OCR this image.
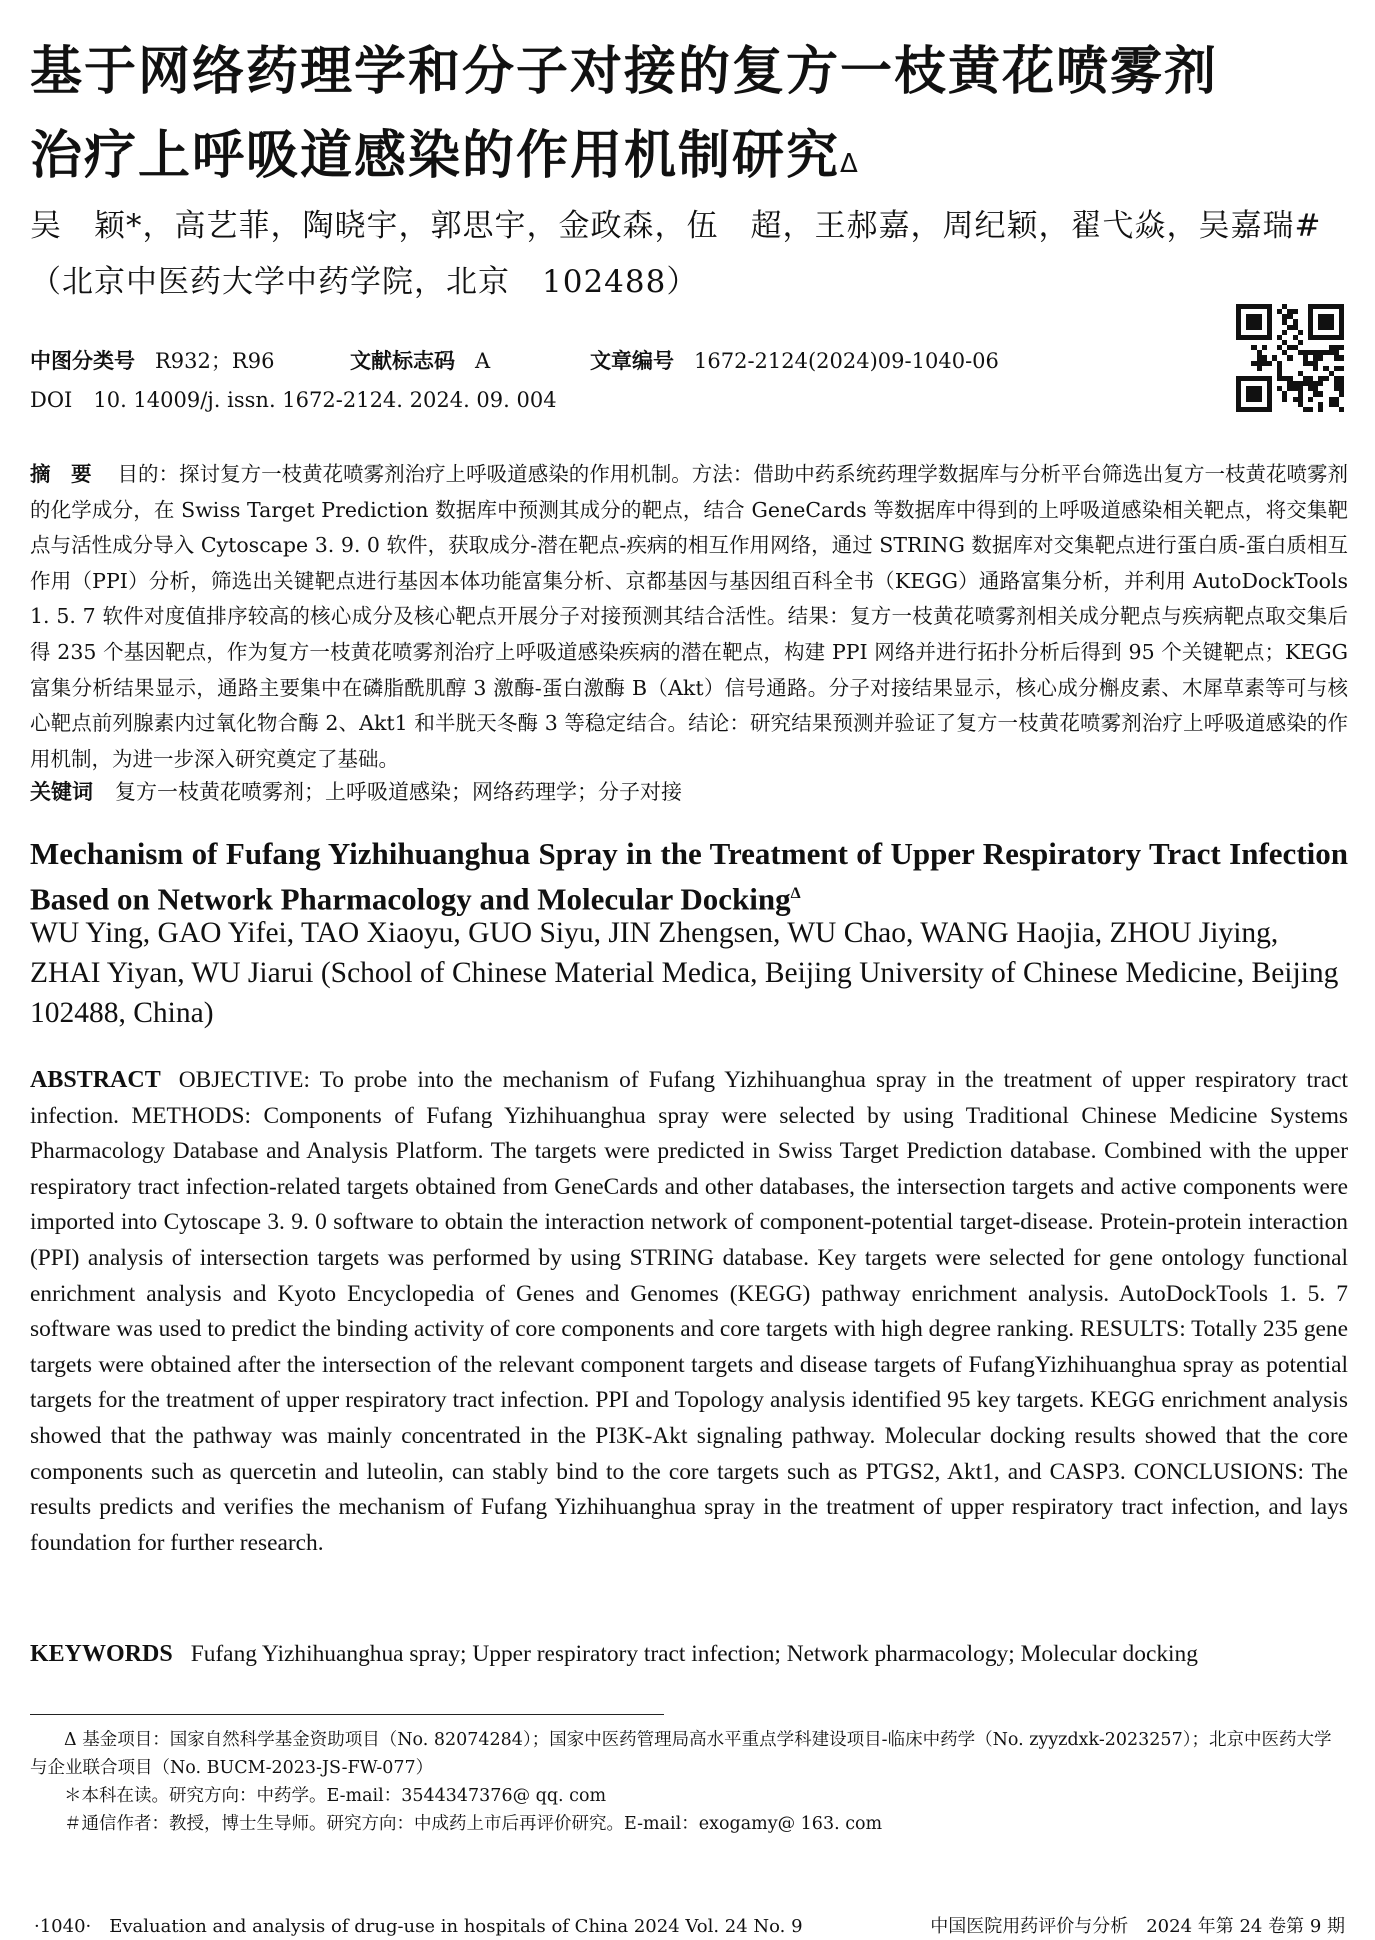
基于网络药理学和分子对接的复方一枝黄花喷雾剂
治疗上呼吸道感染的作用机制研究$^\Delta$
吴　颖*，高艺菲，陶晓宇，郭思宇，金政森，伍　超，王郝嘉，周纪颖，翟弋焱，吴嘉瑞#（北京中医药大学中药学院，北京　102488）
中图分类号 R932；R96	文献标志码 A	文章编号 1672-2124(2024)09-1040-06
DOI　10. 14009/j. issn. 1672-2124. 2024. 09. 004
摘　要 目的：探讨复方一枝黄花喷雾剂治疗上呼吸道感染的作用机制。方法：借助中药系统药理学数据库与分析平台筛选出复方一枝黄花喷雾剂的化学成分，在 Swiss Target Prediction 数据库中预测其成分的靶点，结合 GeneCards 等数据库中得到的上呼吸道感染相关靶点，将交集靶点与活性成分导入 Cytoscape 3. 9. 0 软件，获取成分-潜在靶点-疾病的相互作用网络，通过 STRING 数据库对交集靶点进行蛋白质-蛋白质相互作用（PPI）分析，筛选出关键靶点进行基因本体功能富集分析、京都基因与基因组百科全书（KEGG）通路富集分析，并利用 AutoDockTools 1. 5. 7 软件对度值排序较高的核心成分及核心靶点开展分子对接预测其结合活性。结果：复方一枝黄花喷雾剂相关成分靶点与疾病靶点取交集后得 235 个基因靶点，作为复方一枝黄花喷雾剂治疗上呼吸道感染疾病的潜在靶点，构建 PPI 网络并进行拓扑分析后得到 95 个关键靶点；KEGG 富集分析结果显示，通路主要集中在磷脂酰肌醇 3 激酶-蛋白激酶 B（Akt）信号通路。分子对接结果显示，核心成分槲皮素、木犀草素等可与核心靶点前列腺素内过氧化物合酶 2、Akt1 和半胱天冬酶 3 等稳定结合。结论：研究结果预测并验证了复方一枝黄花喷雾剂治疗上呼吸道感染的作用机制，为进一步深入研究奠定了基础。
关键词 复方一枝黄花喷雾剂；上呼吸道感染；网络药理学；分子对接
Mechanism of Fufang Yizhihuanghua Spray in the Treatment of Upper Respiratory Tract Infection Based on Network Pharmacology and Molecular Docking$^\Delta$
WU Ying, GAO Yifei, TAO Xiaoyu, GUO Siyu, JIN Zhengsen, WU Chao, WANG Haojia, ZHOU Jiying, ZHAI Yiyan, WU Jiarui (School of Chinese Material Medica, Beijing University of Chinese Medicine, Beijing 102488, China)
ABSTRACT OBJECTIVE: To probe into the mechanism of Fufang Yizhihuanghua spray in the treatment of upper respiratory tract infection. METHODS: Components of Fufang Yizhihuanghua spray were selected by using Traditional Chinese Medicine Systems Pharmacology Database and Analysis Platform. The targets were predicted in Swiss Target Prediction database. Combined with the upper respiratory tract infection-related targets obtained from GeneCards and other databases, the intersection targets and active components were imported into Cytoscape 3. 9. 0 software to obtain the interaction network of component-potential target-disease. Protein-protein interaction (PPI) analysis of intersection targets was performed by using STRING database. Key targets were selected for gene ontology functional enrichment analysis and Kyoto Encyclopedia of Genes and Genomes (KEGG) pathway enrichment analysis. AutoDockTools 1. 5. 7 software was used to predict the binding activity of core components and core targets with high degree ranking. RESULTS: Totally 235 gene targets were obtained after the intersection of the relevant component targets and disease targets of FufangYizhihuanghua spray as potential targets for the treatment of upper respiratory tract infection. PPI and Topology analysis identified 95 key targets. KEGG enrichment analysis showed that the pathway was mainly concentrated in the PI3K-Akt signaling pathway. Molecular docking results showed that the core components such as quercetin and luteolin, can stably bind to the core targets such as PTGS2, Akt1, and CASP3. CONCLUSIONS: The results predicts and verifies the mechanism of Fufang Yizhihuanghua spray in the treatment of upper respiratory tract infection, and lays foundation for further research.
KEYWORDS Fufang Yizhihuanghua spray; Upper respiratory tract infection; Network pharmacology; Molecular docking
Δ 基金项目：国家自然科学基金资助项目（No. 82074284）；国家中医药管理局高水平重点学科建设项目-临床中药学（No. zyyzdxk-2023257）；北京中医药大学与企业联合项目（No. BUCM-2023-JS-FW-077）
＊本科在读。研究方向：中药学。E-mail：3544347376@ qq. com
＃通信作者：教授，博士生导师。研究方向：中成药上市后再评价研究。E-mail：exogamy@ 163. com
·1040·　Evaluation and analysis of drug-use in hospitals of China 2024 Vol. 24 No. 9	中国医院用药评价与分析　2024 年第 24 卷第 9 期
